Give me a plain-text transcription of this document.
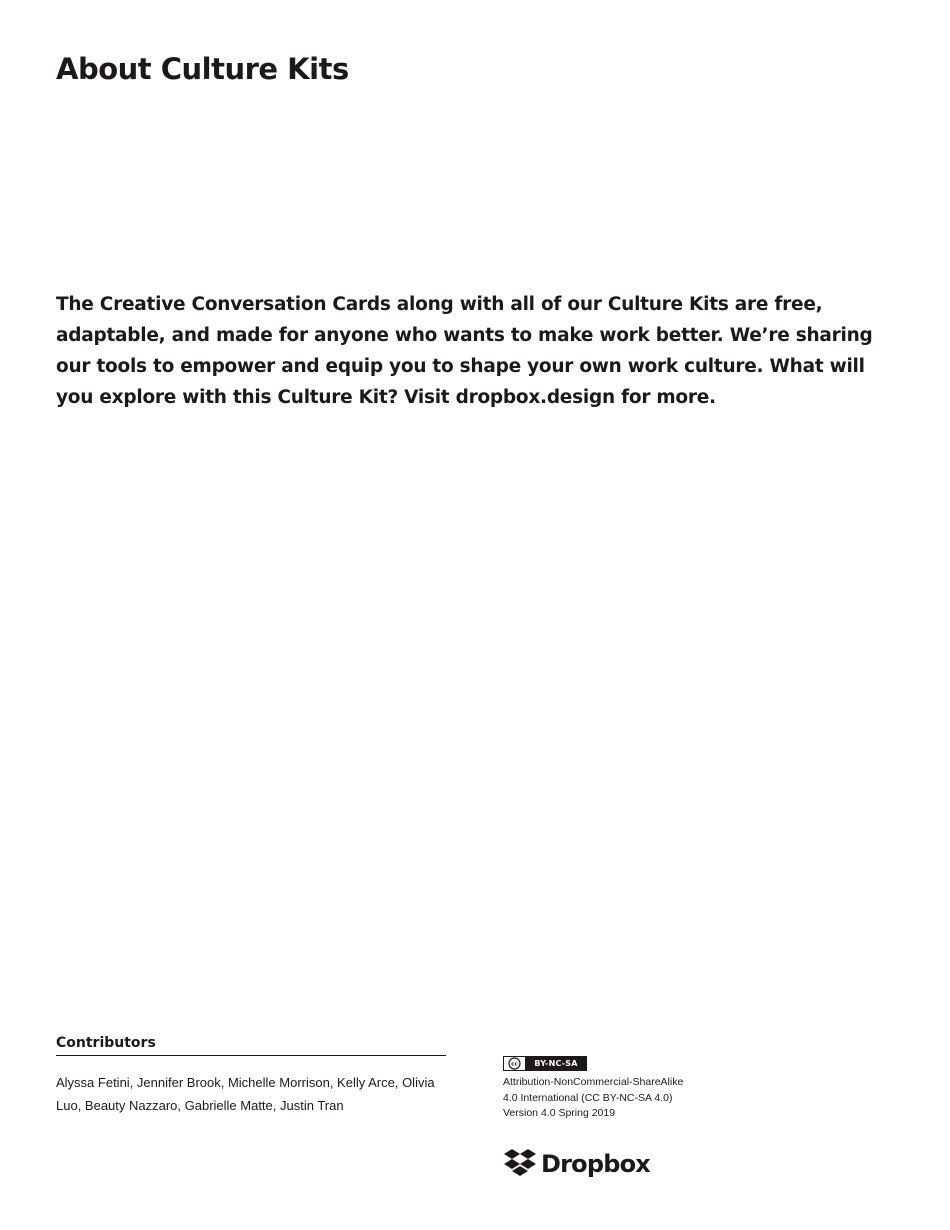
About Culture Kits

The Creative Conversation Cards along with all of our Culture Kits are free, adaptable, and made for anyone who wants to make work better. We’re sharing our tools to empower and equip you to shape your own work culture. What will you explore with this Culture Kit? Visit dropbox.design for more.

Contributors

Alyssa Fetini, Jennifer Brook, Michelle Morrison, Kelly Arce, Olivia Luo, Beauty Nazzaro, Gabrielle Matte, Justin Tran

cc	BY-NC-SA

Attribution-NonCommercial-ShareAlike
4.0 International (CC BY-NC-SA 4.0)
Version 4.0 Spring 2019

Dropbox
